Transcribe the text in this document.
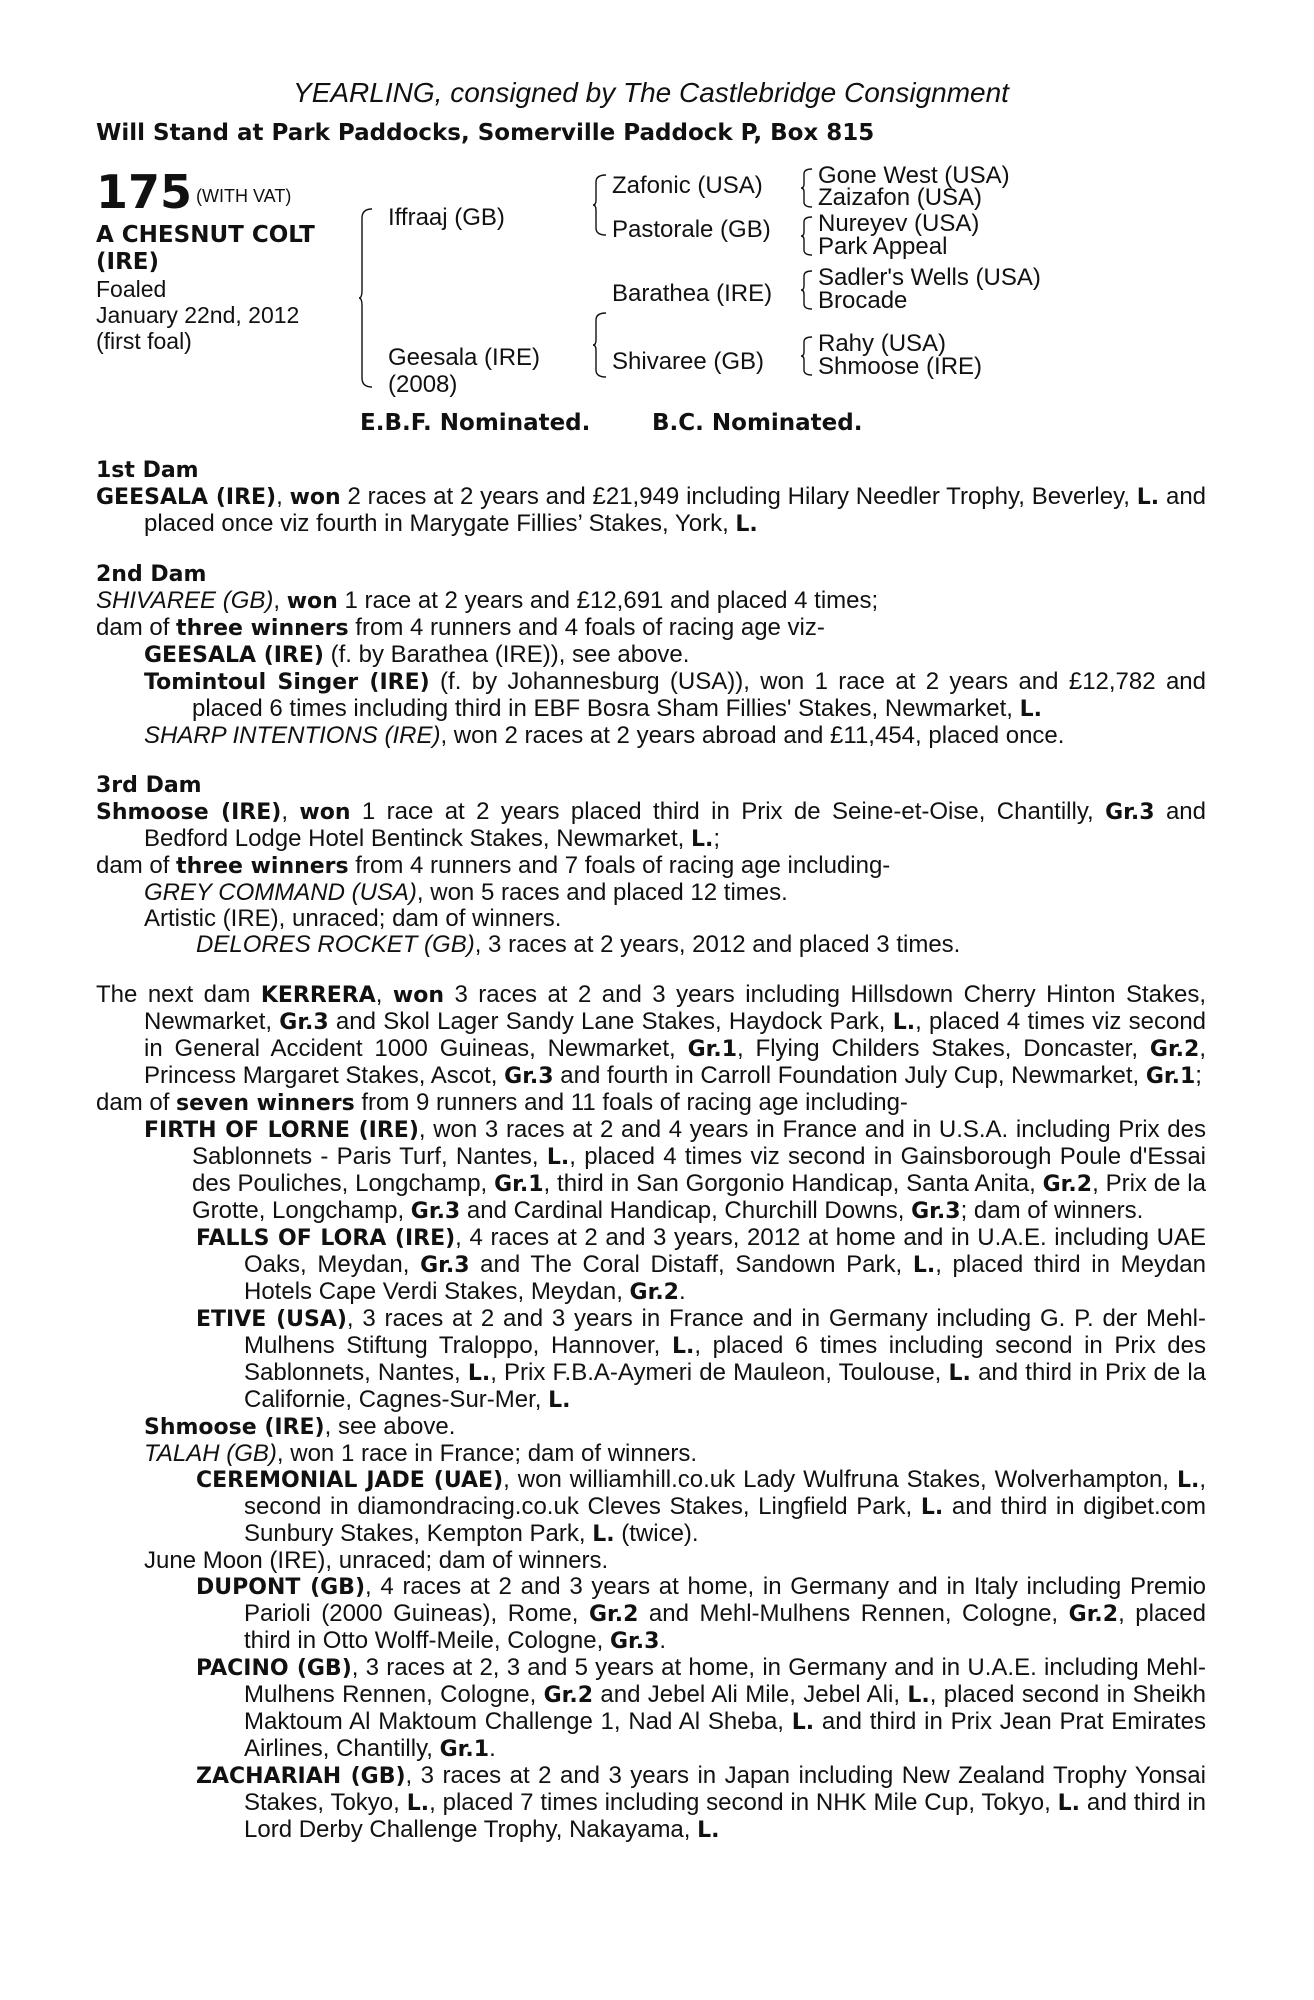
YEARLING, consigned by The Castlebridge Consignment
Will Stand at Park Paddocks, Somerville Paddock P, Box 815
175 $^{(WITH VAT)}$
A CHESNUT COLT
(IRE)
Foaled
January 22nd, 2012
(first foal)
Iffraaj (GB)
Geesala (IRE)
(2008)
Zafonic (USA)
Pastorale (GB)
Barathea (IRE)
Shivaree (GB)
Gone West (USA)
Zaizafon (USA)
Nureyev (USA)
Park Appeal
Sadler's Wells (USA)
Brocade
Rahy (USA)
Shmoose (IRE)
E.B.F. Nominated.	B.C. Nominated.
1st Dam
GEESALA (IRE), won 2 races at 2 years and £21,949 including Hilary Needler Trophy, Beverley, L. and placed once viz fourth in Marygate Fillies’ Stakes, York, L.
2nd Dam
SHIVAREE (GB), won 1 race at 2 years and £12,691 and placed 4 times;
dam of three winners from 4 runners and 4 foals of racing age viz-
GEESALA (IRE) (f. by Barathea (IRE)), see above.
Tomintoul Singer (IRE) (f. by Johannesburg (USA)), won 1 race at 2 years and £12,782 and placed 6 times including third in EBF Bosra Sham Fillies' Stakes, Newmarket, L.
SHARP INTENTIONS (IRE), won 2 races at 2 years abroad and £11,454, placed once.
3rd Dam
Shmoose (IRE), won 1 race at 2 years placed third in Prix de Seine-et-Oise, Chantilly, Gr.3 and Bedford Lodge Hotel Bentinck Stakes, Newmarket, L.;
dam of three winners from 4 runners and 7 foals of racing age including-
GREY COMMAND (USA), won 5 races and placed 12 times.
Artistic (IRE), unraced; dam of winners.
DELORES ROCKET (GB), 3 races at 2 years, 2012 and placed 3 times.
The next dam KERRERA, won 3 races at 2 and 3 years including Hillsdown Cherry Hinton Stakes, Newmarket, Gr.3 and Skol Lager Sandy Lane Stakes, Haydock Park, L., placed 4 times viz second in General Accident 1000 Guineas, Newmarket, Gr.1, Flying Childers Stakes, Doncaster, Gr.2, Princess Margaret Stakes, Ascot, Gr.3 and fourth in Carroll Foundation July Cup, Newmarket, Gr.1;
dam of seven winners from 9 runners and 11 foals of racing age including-
FIRTH OF LORNE (IRE), won 3 races at 2 and 4 years in France and in U.S.A. including Prix des Sablonnets - Paris Turf, Nantes, L., placed 4 times viz second in Gainsborough Poule d'Essai des Pouliches, Longchamp, Gr.1, third in San Gorgonio Handicap, Santa Anita, Gr.2, Prix de la Grotte, Longchamp, Gr.3 and Cardinal Handicap, Churchill Downs, Gr.3; dam of winners.
FALLS OF LORA (IRE), 4 races at 2 and 3 years, 2012 at home and in U.A.E. including UAE Oaks, Meydan, Gr.3 and The Coral Distaff, Sandown Park, L., placed third in Meydan Hotels Cape Verdi Stakes, Meydan, Gr.2.
ETIVE (USA), 3 races at 2 and 3 years in France and in Germany including G. P. der Mehl-Mulhens Stiftung Traloppo, Hannover, L., placed 6 times including second in Prix des Sablonnets, Nantes, L., Prix F.B.A-Aymeri de Mauleon, Toulouse, L. and third in Prix de la Californie, Cagnes-Sur-Mer, L.
Shmoose (IRE), see above.
TALAH (GB), won 1 race in France; dam of winners.
CEREMONIAL JADE (UAE), won williamhill.co.uk Lady Wulfruna Stakes, Wolverhampton, L., second in diamondracing.co.uk Cleves Stakes, Lingfield Park, L. and third in digibet.com Sunbury Stakes, Kempton Park, L. (twice).
June Moon (IRE), unraced; dam of winners.
DUPONT (GB), 4 races at 2 and 3 years at home, in Germany and in Italy including Premio Parioli (2000 Guineas), Rome, Gr.2 and Mehl-Mulhens Rennen, Cologne, Gr.2, placed third in Otto Wolff-Meile, Cologne, Gr.3.
PACINO (GB), 3 races at 2, 3 and 5 years at home, in Germany and in U.A.E. including Mehl-Mulhens Rennen, Cologne, Gr.2 and Jebel Ali Mile, Jebel Ali, L., placed second in Sheikh Maktoum Al Maktoum Challenge 1, Nad Al Sheba, L. and third in Prix Jean Prat Emirates Airlines, Chantilly, Gr.1.
ZACHARIAH (GB), 3 races at 2 and 3 years in Japan including New Zealand Trophy Yonsai Stakes, Tokyo, L., placed 7 times including second in NHK Mile Cup, Tokyo, L. and third in Lord Derby Challenge Trophy, Nakayama, L.
